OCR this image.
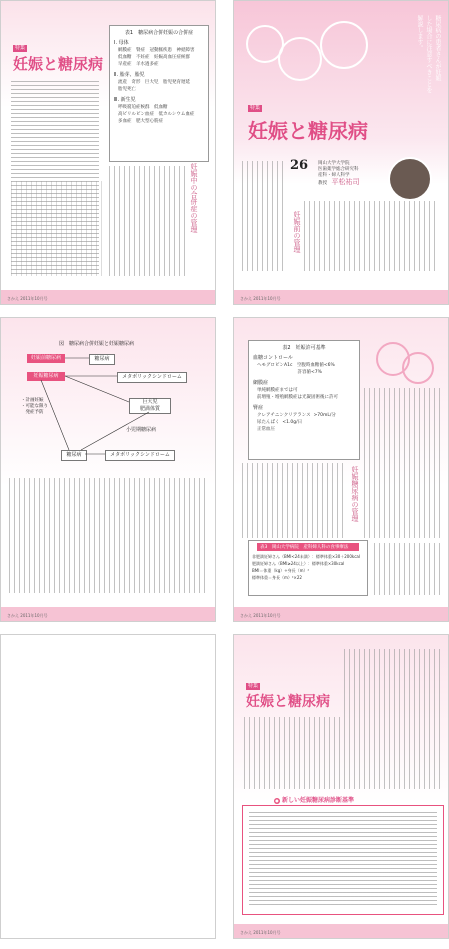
特集
妊娠と糖尿病
表1　糖尿病合併妊娠の合併症
Ⅰ. 母体
網膜症　腎症　冠動脈疾患　神経障害
低血糖　不妊症　妊娠高血圧症候群
早産症　羊水過多症
Ⅱ. 胎芽、胎児
流産　奇形　巨大児　胎児発育遅延
胎児死亡
Ⅲ. 新生児
呼吸窮迫症候群　低血糖
高ビリルビン血症　低カルシウム血症
多血症　肥大型心筋症
妊娠中の合併症の管理
さかえ 2011年10月号
糖尿病の患者さんが妊娠
した場合に注意すべきことを
解説します。
特集
妊娠と糖尿病
26 岡山大学大学院
医歯薬学総合研究科
産科・婦人科学
教授　 平松祐司
妊娠前の管理
さかえ 2011年10月号
図　糖尿病合併妊娠と妊娠糖尿病
妊娠前糖尿病	糖尿病
妊娠糖尿病	メタボリックシンドローム
巨大児
肥満体質
小児期糖尿病
糖尿病	メタボリックシンドローム
・計画妊娠
・可能な限り
　発症予防
さかえ 2011年10月号
表2　妊娠許可基準
血糖コントロール
ヘモグロビンA1c　空腹時血糖値<6%
　　　　　　　　　許容値<7%
網膜症
単純網膜症までは可
前増殖・増殖網膜症は光凝固術後に許可
腎症
クレアチニンクリアランス  >70mL/分
尿たんぱく  <1.0g/日
正常血圧
妊娠糖尿病の管理
表3　岡山大学病院　産科婦人科の食事療法
非肥満妊婦さん（BMI<24未満）：標準体重×30＋200kcal
肥満妊婦さん（BMI≥24以上）：標準体重×30kcal
BMI＝体重（kg）÷身長（m）²
標準体重＝身長（m）²×22
さかえ 2011年10月号
特集
妊娠と糖尿病
● 新しい妊娠糖尿病診断基準
さかえ 2011年10月号
